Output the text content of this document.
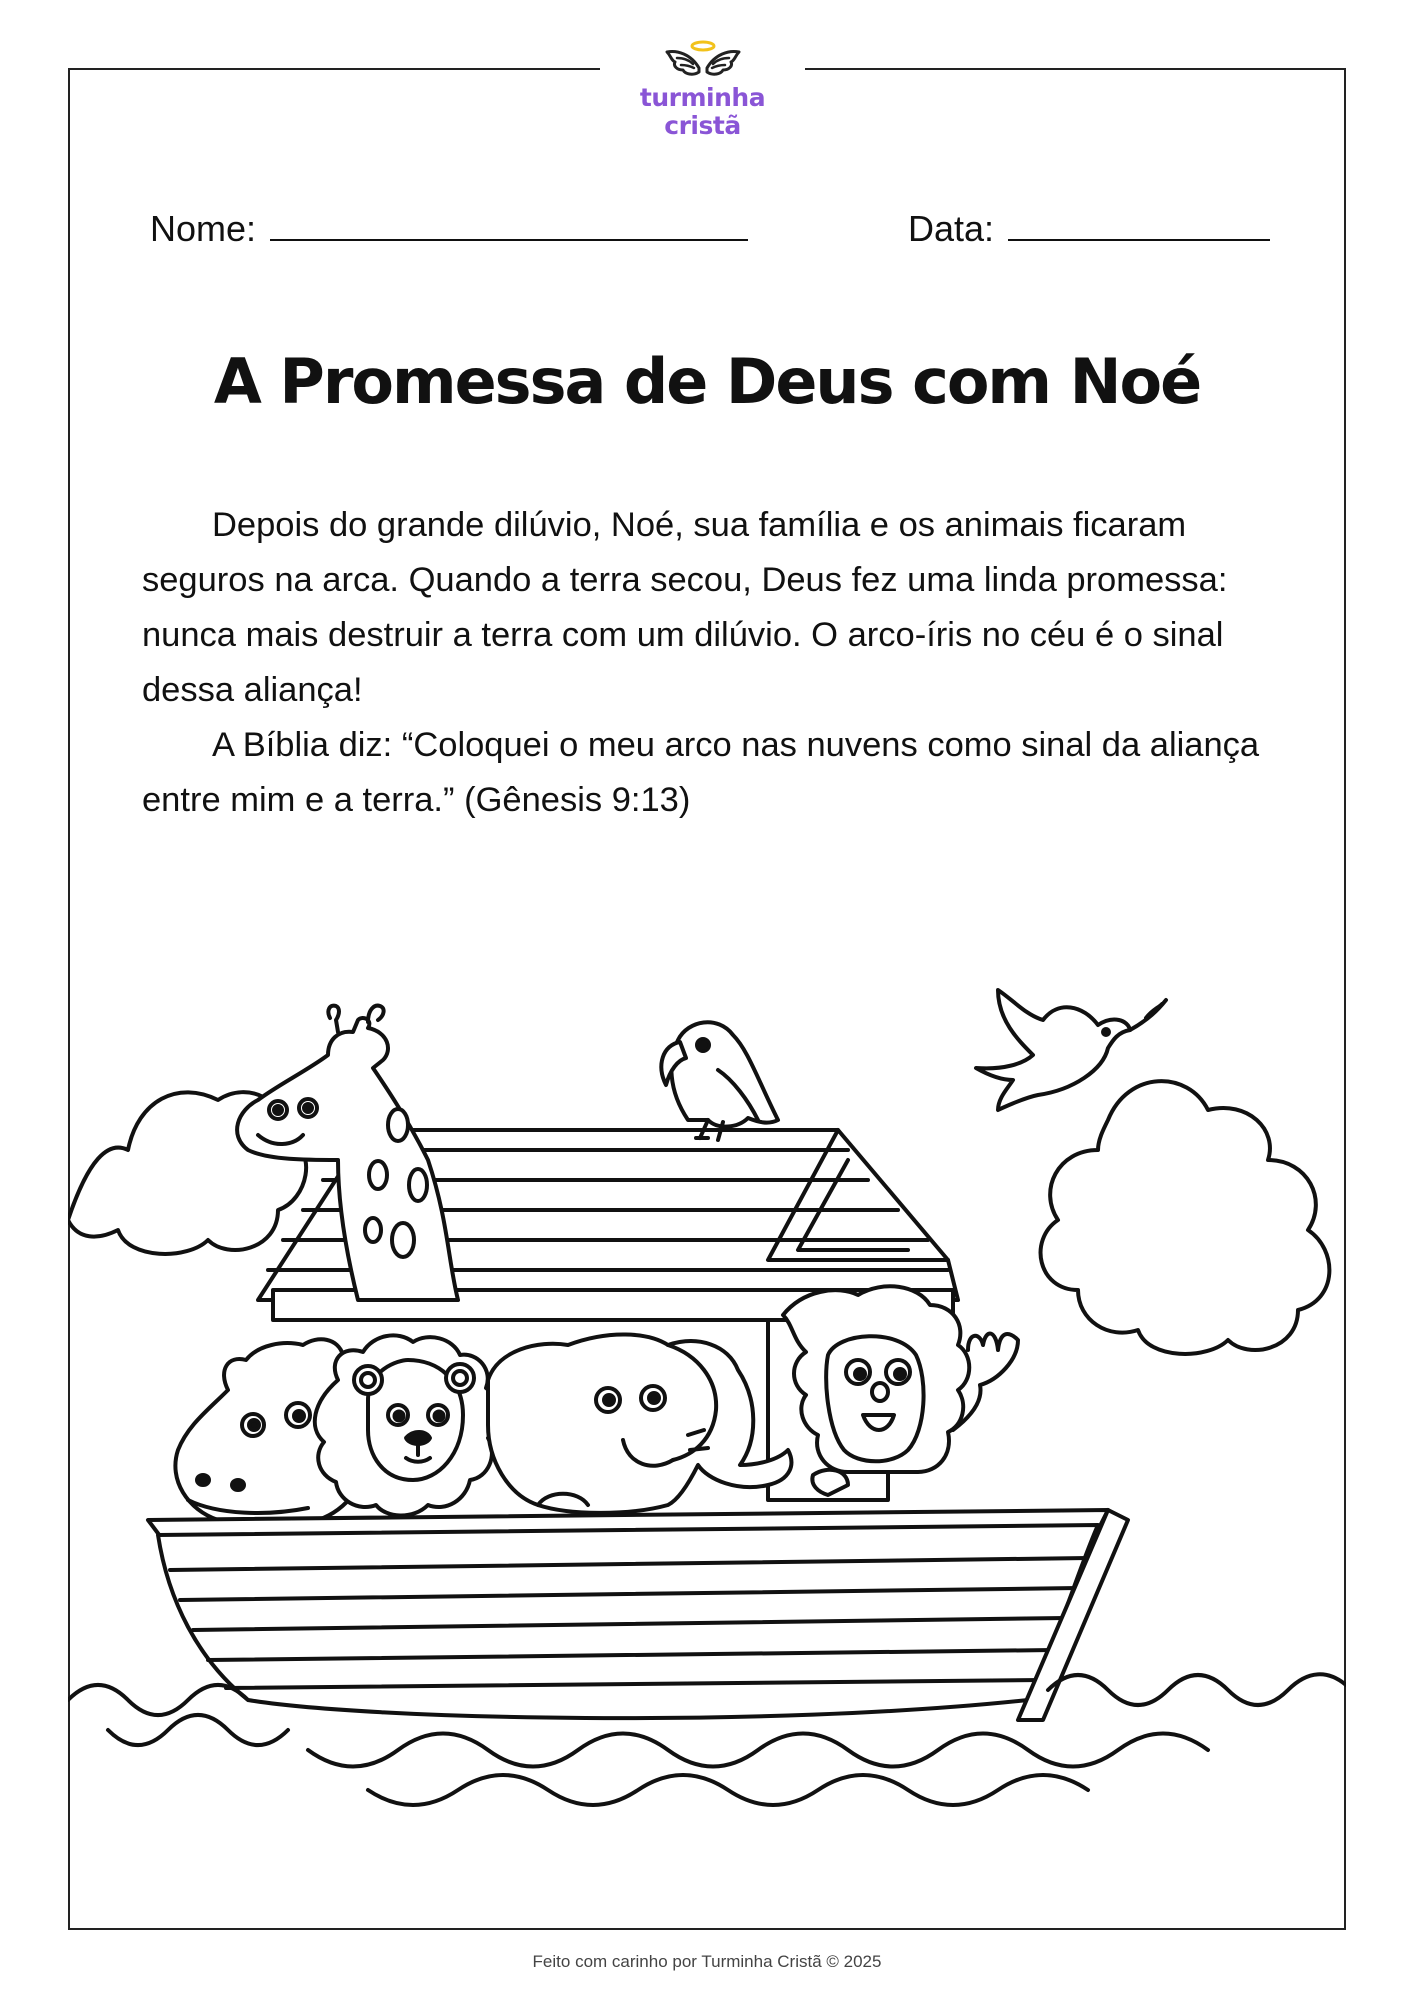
turminha
cristã
Nome:	Data:
A Promessa de Deus com Noé

Depois do grande dilúvio, Noé, sua família e os animais ficaram seguros na arca. Quando a terra secou, Deus fez uma linda promessa: nunca mais destruir a terra com um dilúvio. O arco-íris no céu é o sinal dessa aliança!

A Bíblia diz: “Coloquei o meu arco nas nuvens como sinal da aliança entre mim e a terra.” (Gênesis 9:13)

Feito com carinho por Turminha Cristã © 2025
